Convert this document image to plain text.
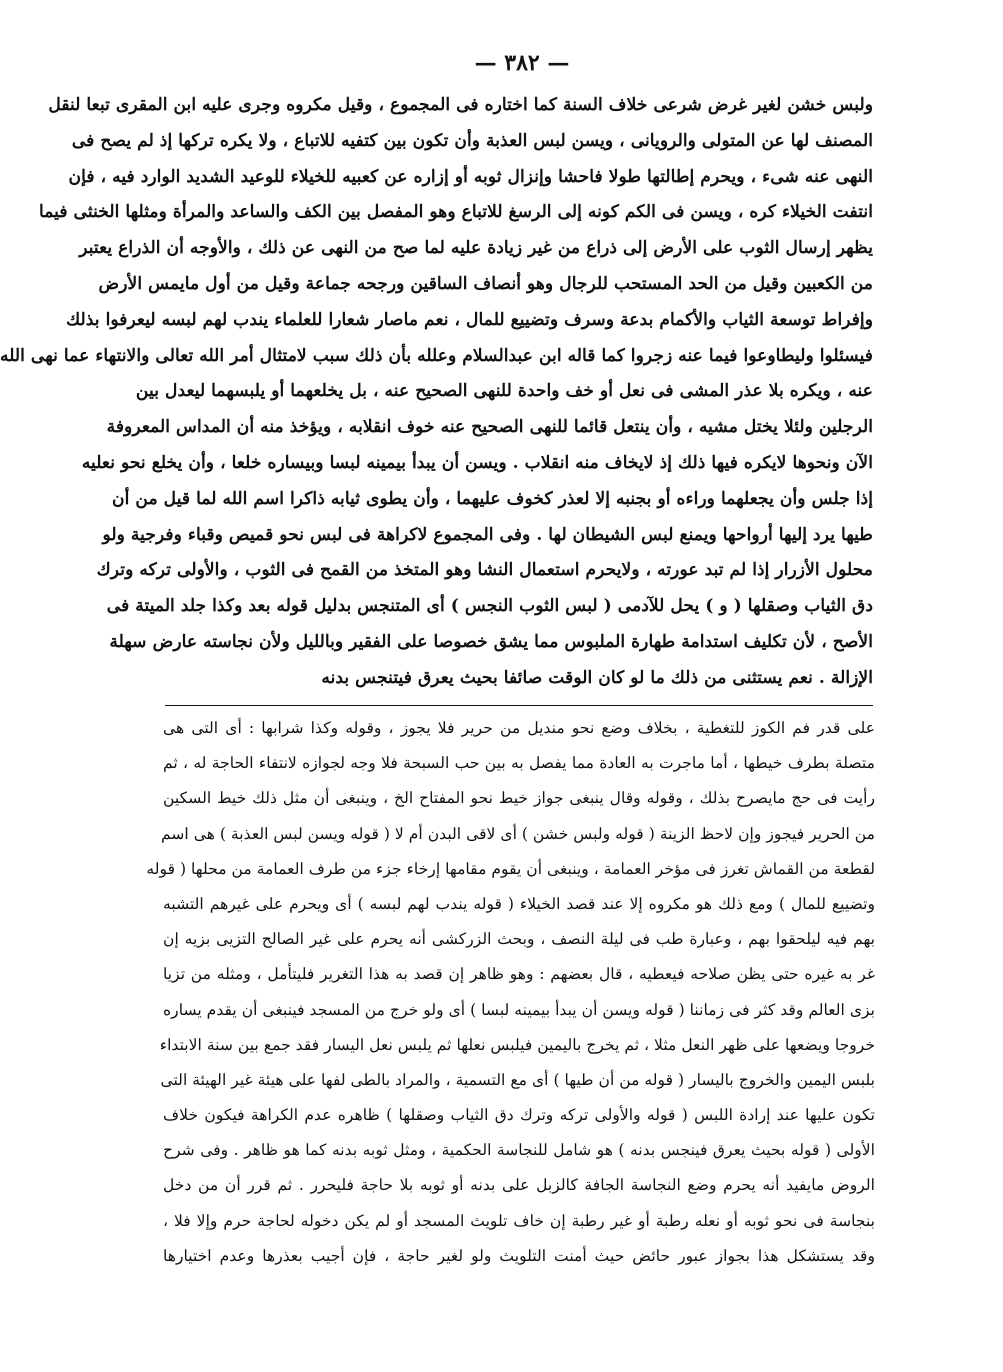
— ٣٨٢ —
ولبس خشن لغير غرض شرعى خلاف السنة كما اختاره فى المجموع ، وقيل مكروه وجرى عليه ابن المقرى تبعا لنقل
المصنف لها عن المتولى والرويانى ، ويسن لبس العذبة وأن تكون بين كتفيه للاتباع ، ولا يكره تركها إذ لم يصح فى
النهى عنه شىء ، ويحرم إطالتها طولا فاحشا وإنزال ثوبه أو إزاره عن كعبيه للخيلاء للوعيد الشديد الوارد فيه ، فإن
انتفت الخيلاء كره ، ويسن فى الكم كونه إلى الرسغ للاتباع وهو المفصل بين الكف والساعد والمرأة ومثلها الخنثى فيما
يظهر إرسال الثوب على الأرض إلى ذراع من غير زيادة عليه لما صح من النهى عن ذلك ، والأوجه أن الذراع يعتبر
من الكعبين وقيل من الحد المستحب للرجال وهو أنصاف الساقين ورجحه جماعة وقيل من أول مايمس الأرض
وإفراط توسعة الثياب والأكمام بدعة وسرف وتضييع للمال ، نعم ماصار شعارا للعلماء يندب لهم لبسه ليعرفوا بذلك
فيسئلوا وليطاوعوا فيما عنه زجروا كما قاله ابن عبدالسلام وعلله بأن ذلك سبب لامتثال أمر الله تعالى والانتهاء عما نهى الله
عنه ، ويكره بلا عذر المشى فى نعل أو خف واحدة للنهى الصحيح عنه ، بل يخلعهما أو يلبسهما ليعدل بين
الرجلين ولئلا يختل مشيه ، وأن ينتعل قائما للنهى الصحيح عنه خوف انقلابه ، ويؤخذ منه أن المداس المعروفة
الآن ونحوها لايكره فيها ذلك إذ لايخاف منه انقلاب . ويسن أن يبدأ بيمينه لبسا وبيساره خلعا ، وأن يخلع نحو نعليه
إذا جلس وأن يجعلهما وراءه أو بجنبه إلا لعذر كخوف عليهما ، وأن يطوى ثيابه ذاكرا اسم الله لما قيل من أن
طيها يرد إليها أرواحها ويمنع لبس الشيطان لها . وفى المجموع لاكراهة فى لبس نحو قميص وقباء وفرجية ولو
محلول الأزرار إذا لم تبد عورته ، ولايحرم استعمال النشا وهو المتخذ من القمح فى الثوب ، والأولى تركه وترك
دق الثياب وصقلها ( و ) يحل للآدمى ( لبس الثوب النجس ) أى المتنجس بدليل قوله بعد وكذا جلد الميتة فى
الأصح ، لأن تكليف استدامة طهارة الملبوس مما يشق خصوصا على الفقير وبالليل ولأن نجاسته عارض سهلة
الإزالة . نعم يستثنى من ذلك ما لو كان الوقت صائفا بحيث يعرق فيتنجس بدنه
على قدر فم الكوز للتغطية ، بخلاف وضع نحو منديل من حرير فلا يجوز ، وقوله وكذا شرابها : أى التى هى
متصلة بطرف خيطها ، أما ماجرت به العادة مما يفصل به بين حب السبحة فلا وجه لجوازه لانتفاء الحاجة له ، ثم
رأيت فى حج مايصرح بذلك ، وقوله وقال ينبغى جواز خيط نحو المفتاح الخ ، وينبغى أن مثل ذلك خيط السكين
من الحرير فيجوز وإن لاحظ الزينة ( قوله ولبس خشن ) أى لاقى البدن أم لا ( قوله ويسن لبس العذبة ) هى اسم
لقطعة من القماش تغرز فى مؤخر العمامة ، وينبغى أن يقوم مقامها إرخاء جزء من طرف العمامة من محلها ( قوله
وتضييع للمال ) ومع ذلك هو مكروه إلا عند قصد الخيلاء ( قوله يندب لهم لبسه ) أى ويحرم على غيرهم التشبه
بهم فيه ليلحقوا بهم ، وعبارة طب فى ليلة النصف ، وبحث الزركشى أنه يحرم على غير الصالح التزيى بزيه إن
غر به غيره حتى يظن صلاحه فيعطيه ، قال بعضهم : وهو ظاهر إن قصد به هذا التغرير فليتأمل ، ومثله من تزيا
بزى العالم وقد كثر فى زماننا ( قوله ويسن أن يبدأ بيمينه لبسا ) أى ولو خرج من المسجد فينبغى أن يقدم يساره
خروجا ويضعها على ظهر النعل مثلا ، ثم يخرج باليمين فيلبس نعلها ثم يلبس نعل اليسار فقد جمع بين سنة الابتداء
بلبس اليمين والخروج باليسار ( قوله من أن طيها ) أى مع التسمية ، والمراد بالطى لفها على هيئة غير الهيئة التى
تكون عليها عند إرادة اللبس ( قوله والأولى تركه وترك دق الثياب وصقلها ) ظاهره عدم الكراهة فيكون خلاف
الأولى ( قوله بحيث يعرق فينجس بدنه ) هو شامل للنجاسة الحكمية ، ومثل ثوبه بدنه كما هو ظاهر . وفى شرح
الروض مايفيد أنه يحرم وضع النجاسة الجافة كالزبل على بدنه أو ثوبه بلا حاجة فليحرر . ثم قرر أن من دخل
بنجاسة فى نحو ثوبه أو نعله رطبة أو غير رطبة إن خاف تلويث المسجد أو لم يكن دخوله لحاجة حرم وإلا فلا ،
وقد يستشكل هذا بجواز عبور حائض حيث أمنت التلويث ولو لغير حاجة ، فإن أجيب بعذرها وعدم اختيارها
